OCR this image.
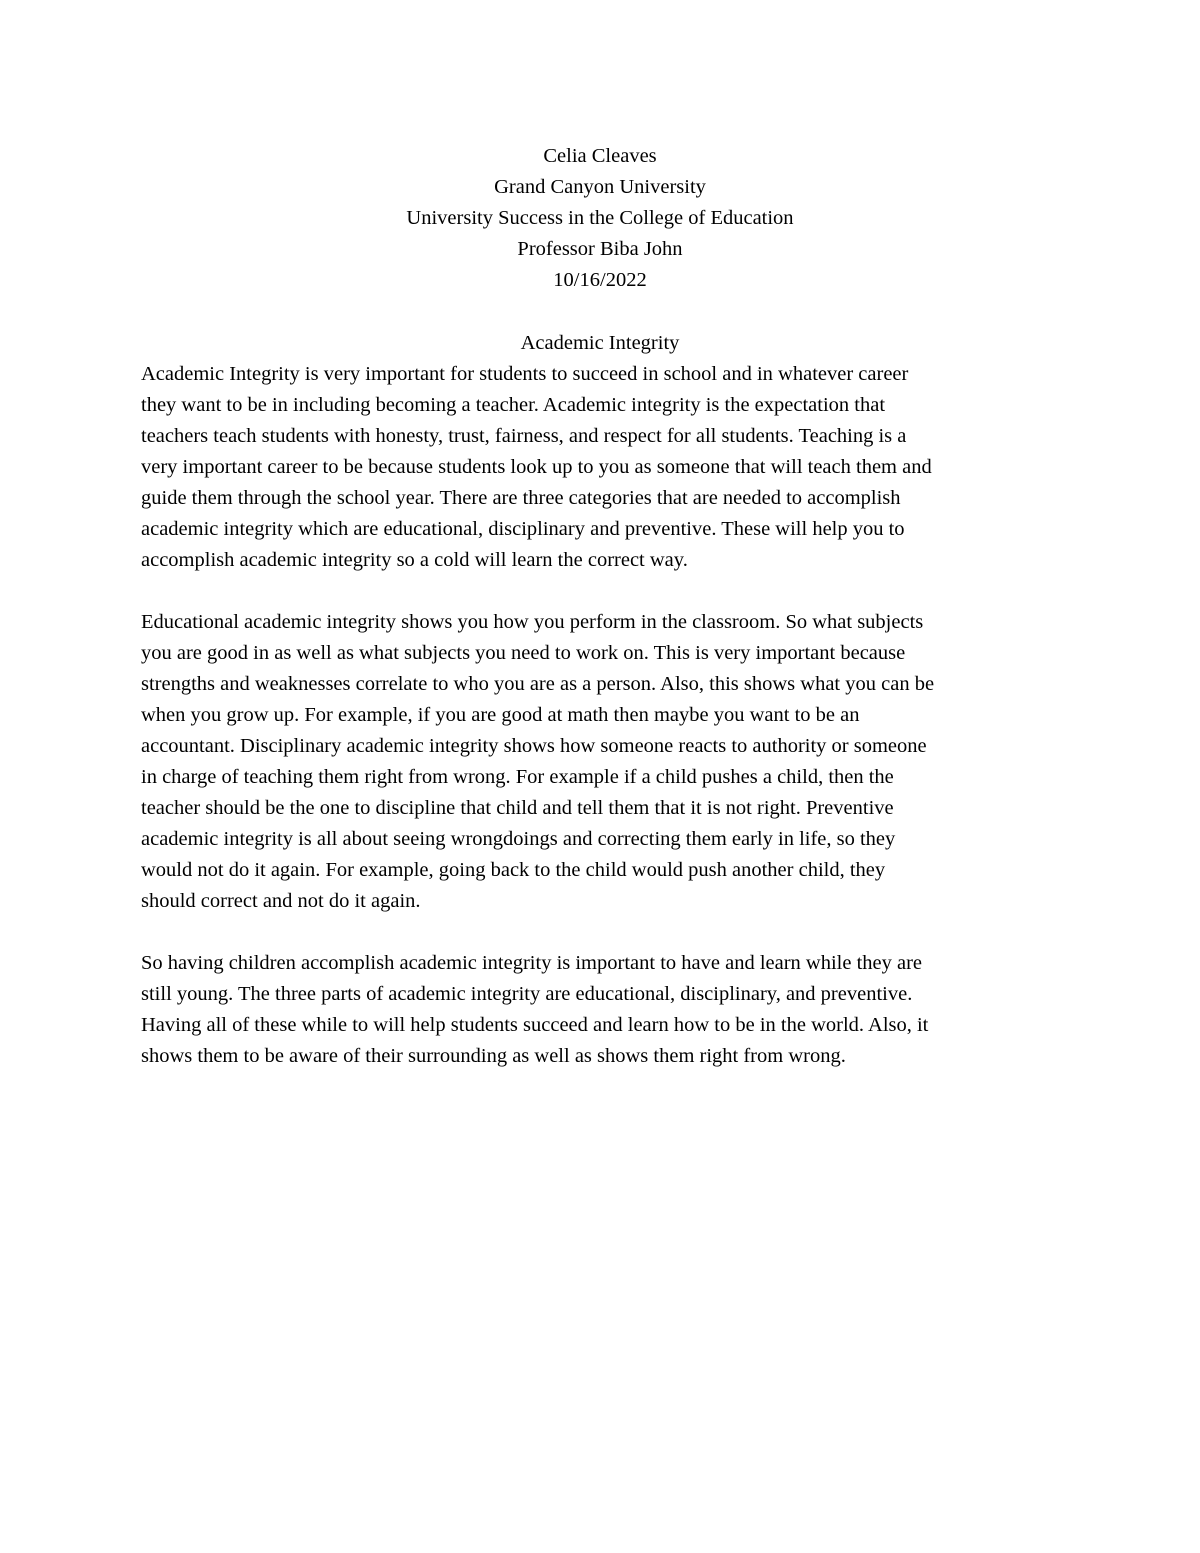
Celia Cleaves
Grand Canyon University
University Success in the College of Education
Professor Biba John
10/16/2022
Academic Integrity
Academic Integrity is very important for students to succeed in school and in whatever career
they want to be in including becoming a teacher. Academic integrity is the expectation that
teachers teach students with honesty, trust, fairness, and respect for all students. Teaching is a
very important career to be because students look up to you as someone that will teach them and
guide them through the school year. There are three categories that are needed to accomplish
academic integrity which are educational, disciplinary and preventive. These will help you to
accomplish academic integrity so a cold will learn the correct way.
Educational academic integrity shows you how you perform in the classroom. So what subjects
you are good in as well as what subjects you need to work on. This is very important because
strengths and weaknesses correlate to who you are as a person. Also, this shows what you can be
when you grow up. For example, if you are good at math then maybe you want to be an
accountant. Disciplinary academic integrity shows how someone reacts to authority or someone
in charge of teaching them right from wrong. For example if a child pushes a child, then the
teacher should be the one to discipline that child and tell them that it is not right. Preventive
academic integrity is all about seeing wrongdoings and correcting them early in life, so they
would not do it again. For example, going back to the child would push another child, they
should correct and not do it again.
So having children accomplish academic integrity is important to have and learn while they are
still young. The three parts of academic integrity are educational, disciplinary, and preventive.
Having all of these while to will help students succeed and learn how to be in the world. Also, it
shows them to be aware of their surrounding as well as shows them right from wrong.
